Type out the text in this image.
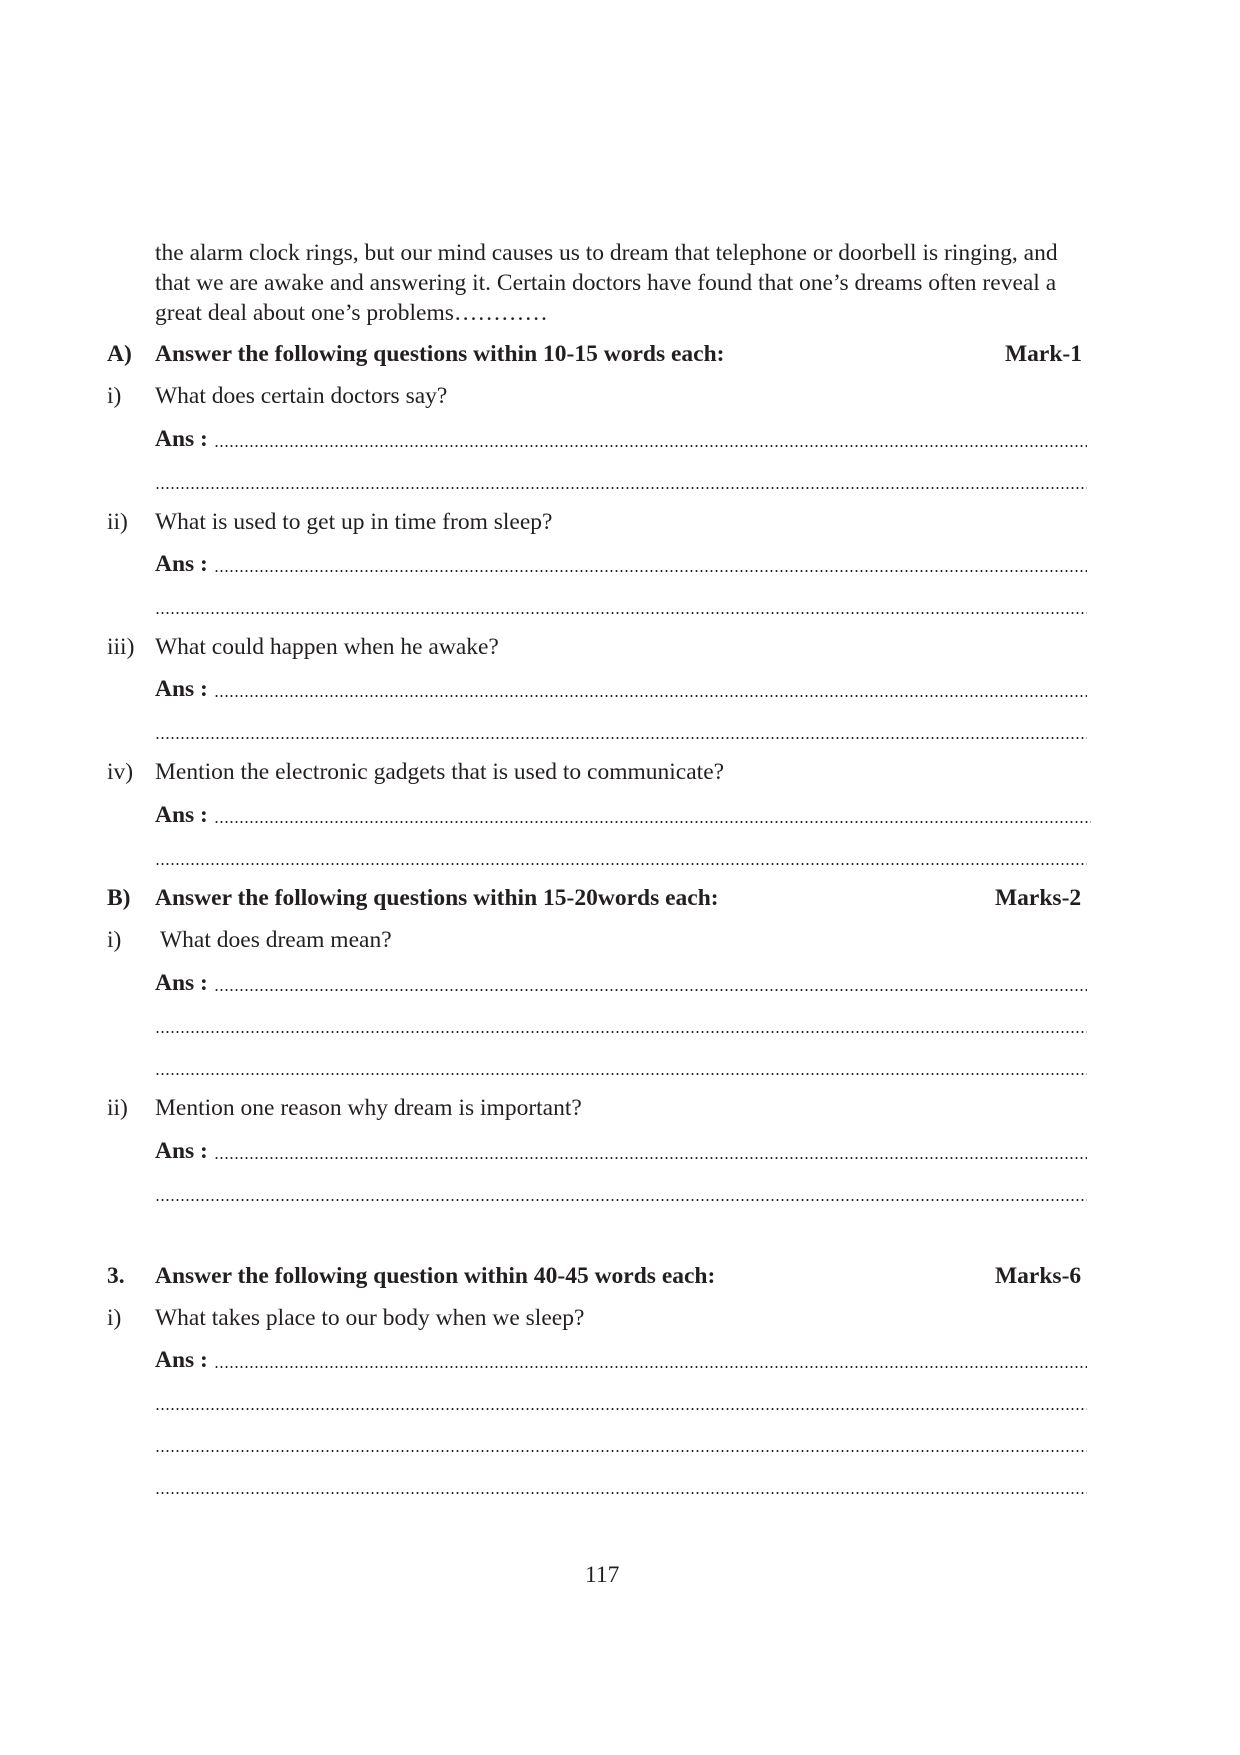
the alarm clock rings, but our mind causes us to dream that telephone or doorbell is ringing, and
that we are awake and answering it. Certain doctors have found that one’s dreams often reveal a
great deal about one’s problems…………
A) Answer the following questions within 10-15 words each:	Mark-1
i) What does certain doctors say?
Ans :
ii) What is used to get up in time from sleep?
Ans :
iii) What could happen when he awake?
Ans :
iv) Mention the electronic gadgets that is used to communicate?
Ans :
B) Answer the following questions within 15-20words each:	Marks-2
i) What does dream mean?
Ans :
ii) Mention one reason why dream is important?
Ans :
3. Answer the following question within 40-45 words each:	Marks-6
i) What takes place to our body when we sleep?
Ans :
117
